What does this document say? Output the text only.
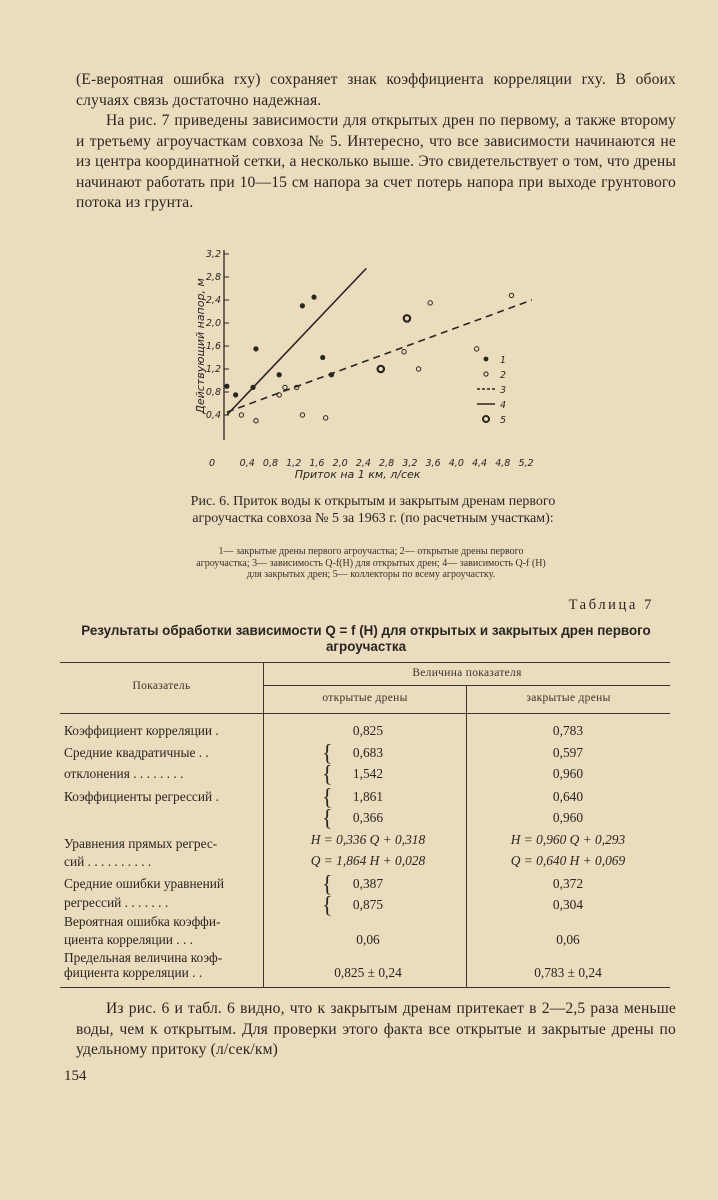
(E-вероятная ошибка rxy) сохраняет знак коэффициента корреляции rxy. В обоих случаях связь достаточно надежная.

На рис. 7 приведены зависимости для открытых дрен по первому, а также второму и третьему агроучасткам совхоза № 5. Интересно, что все зависимости начинаются не из центра координатной сетки, а несколько выше. Это свидетельствует о том, что дрены начинают работать при 10—15 см напора за счет потерь напора при выходе грунтового потока из грунта.

0,4
0,8
1,2
1,6
2,0
2,4
2,8
3,2
0	0,4 0,8 1,2 1,6 2,0 2,4 2,8 3,2 3,6 4,0 4,4 4,8 5,2
Приток на 1 км, л/сек
Действующий напор, м	1
2
3
4
5
Рис. 6. Приток воды к открытым и закрытым дренам первого агроучастка совхоза № 5 за 1963 г. (по расчетным участкам):
1— закрытые дрены первого агроучастка; 2— открытые дрены первого агроучастка; 3— зависимость Q-f(H) для открытых дрен; 4— зависимость Q-f (H) для закрытых дрен; 5— коллекторы по всему агроучастку.
Таблица 7
Результаты обработки зависимости Q = f (H) для открытых и закрытых дрен первого агроучастка
Показатель
Величина показателя
открытые дрены	закрытые дрены
Коэффициент корреляции .	0,825	0,783
Средние квадратичные . .	0,683	0,597
отклонения . . . . . . . .	1,542	0,960
Коэффициенты регрессий .	1,861	0,640
0,366	0,960
Уравнения прямых регрес-	H = 0,336 Q + 0,318	H = 0,960 Q + 0,293
сий . . . . . . . . . .	Q = 1,864 H + 0,028	Q = 0,640 H + 0,069
Средние ошибки уравнений	0,387	0,372
регрессий . . . . . . .	0,875	0,304
Вероятная ошибка коэффи-
циента корреляции . . .	0,06	0,06
Предельная величина коэф-
фициента корреляции . .	0,825 ± 0,24	0,783 ± 0,24
{
{
{
{
{
{

Из рис. 6 и табл. 6 видно, что к закрытым дренам притекает в 2—2,5 раза меньше воды, чем к открытым. Для проверки этого факта все открытые и закрытые дрены по удельному притоку (л/сек/км)

154
